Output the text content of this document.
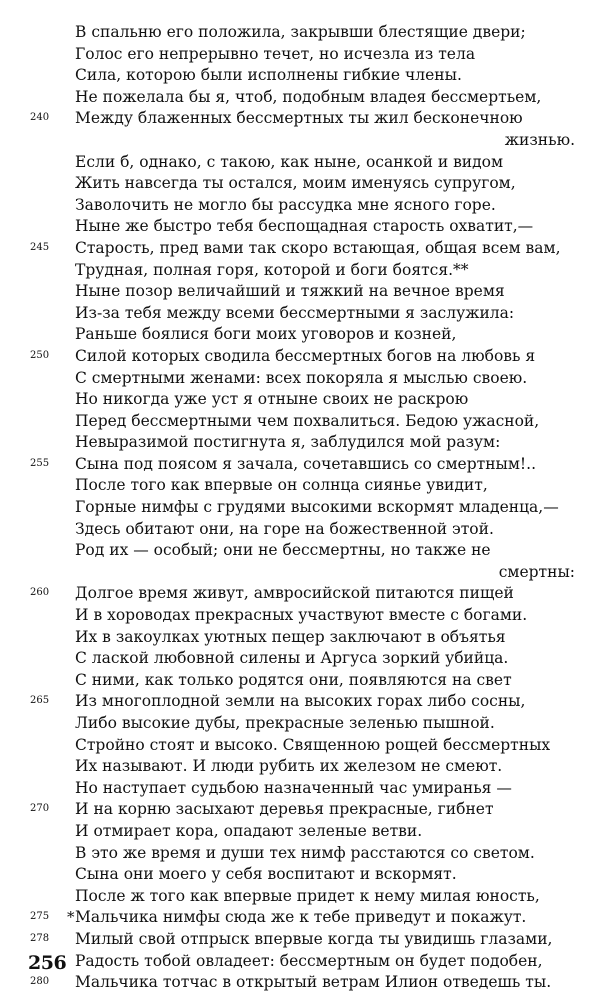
В спальню его положила, закрывши блестящие двери;
Голос его непрерывно течет, но исчезла из тела
Сила, которою были исполнены гибкие члены.
Не пожелала бы я, чтоб, подобным владея бессмертьем,
240 Между блаженных бессмертных ты жил бесконечною
жизнью.
Если б, однако, с такою, как ныне, осанкой и видом
Жить навсегда ты остался, моим именуясь супругом,
Заволочить не могло бы рассудка мне ясного горе.
Ныне же быстро тебя беспощадная старость охватит,—
245 Старость, пред вами так скоро встающая, общая всем вам,
Трудная, полная горя, которой и боги боятся.**
Ныне позор величайший и тяжкий на вечное время
Из-за тебя между всеми бессмертными я заслужила:
Раньше боялися боги моих уговоров и козней,
250 Силой которых сводила бессмертных богов на любовь я
С смертными женами: всех покоряла я мыслью своею.
Но никогда уже уст я отныне своих не раскрою
Перед бессмертными чем похвалиться. Бедою ужасной,
Невыразимой постигнута я, заблудился мой разум:
255 Сына под поясом я зачала, сочетавшись со смертным!..
После того как впервые он солнца сиянье увидит,
Горные нимфы с грудями высокими вскормят младенца,—
Здесь обитают они, на горе на божественной этой.
Род их — особый; они не бессмертны, но также не
смертны:
260 Долгое время живут, амвросийской питаются пищей
И в хороводах прекрасных участвуют вместе с богами.
Их в закоулках уютных пещер заключают в объятья
С лаской любовной силены и Аргуса зоркий убийца.
С ними, как только родятся они, появляются на свет
265 Из многоплодной земли на высоких горах либо сосны,
Либо высокие дубы, прекрасные зеленью пышной.
Стройно стоят и высоко. Священною рощей бессмертных
Их называют. И люди рубить их железом не смеют.
Но наступает судьбою назначенный час умиранья —
270 И на корню засыхают деревья прекрасные, гибнет
И отмирает кора, опадают зеленые ветви.
В это же время и души тех нимф расстаются со светом.
Сына они моего у себя воспитают и вскормят.
После ж того как впервые придет к нему милая юность,
275 * Мальчика нимфы сюда же к тебе приведут и покажут.
278 Милый свой отпрыск впервые когда ты увидишь глазами,
Радость тобой овладеет: бессмертным он будет подобен,
280 Мальчика тотчас в открытый ветрам Илион отведешь ты.
256
